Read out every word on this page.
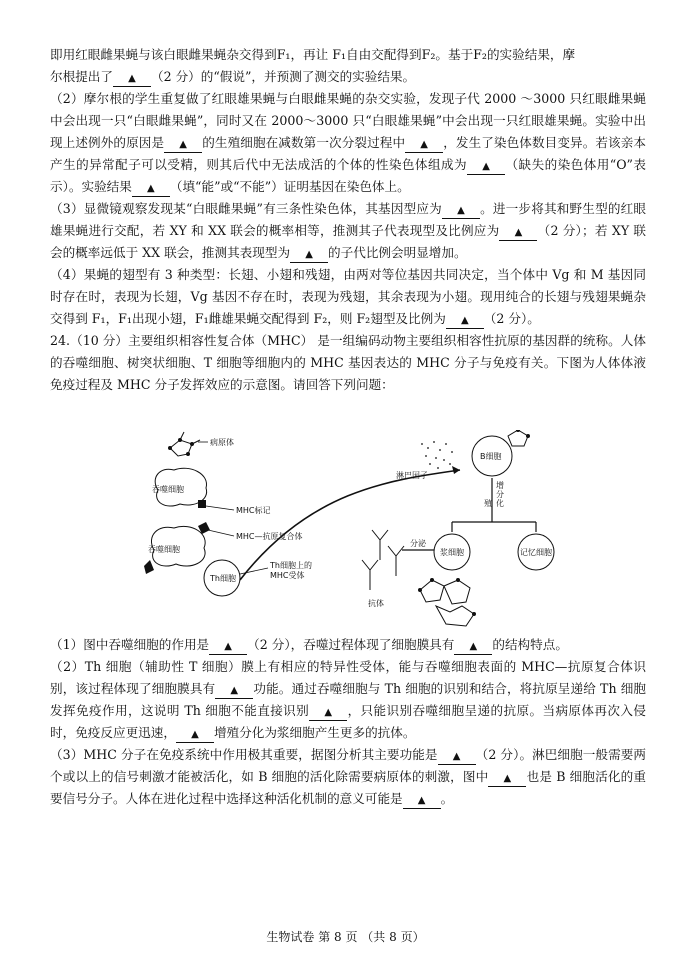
即用红眼雌果蝇与该白眼雌果蝇杂交得到F₁，再让 F₁自由交配得到F₂。基于F₂的实验结果，摩

尔根提出了 ▲ （2 分）的“假说”，并预测了测交的实验结果。

（2）摩尔根的学生重复做了红眼雄果蝇与白眼雌果蝇的杂交实验，发现子代 2000 ～3000 只红眼雌果蝇中会出现一只“白眼雌果蝇”，同时又在 2000～3000 只“白眼雄果蝇”中会出现一只红眼雄果蝇。实验中出现上述例外的原因是 ▲ 的生殖细胞在减数第一次分裂过程中 ▲ ，发生了染色体数目变异。若该亲本产生的异常配子可以受精，则其后代中无法成活的个体的性染色体组成为 ▲ （缺失的染色体用“O”表示）。实验结果 ▲ （填“能”或“不能”）证明基因在染色体上。

（3）显微镜观察发现某“白眼雌果蝇”有三条性染色体，其基因型应为 ▲ 。进一步将其和野生型的红眼雄果蝇进行交配，若 XY 和 XX 联会的概率相等，推测其子代表现型及比例应为 ▲ （2 分）；若 XY 联会的概率远低于 XX 联会，推测其表现型为 ▲ 的子代比例会明显增加。

（4）果蝇的翅型有 3 种类型：长翅、小翅和残翅，由两对等位基因共同决定，当个体中 Vg 和 M 基因同时存在时，表现为长翅，Vg 基因不存在时，表现为残翅，其余表现为小翅。现用纯合的长翅与残翅果蝇杂交得到 F₁，F₁出现小翅，F₁雌雄果蝇交配得到 F₂，则 F₂翅型及比例为 ▲ （2 分）。

24.（10 分）主要组织相容性复合体（MHC） 是一组编码动物主要组织相容性抗原的基因群的统称。人体的吞噬细胞、树突状细胞、T 细胞等细胞内的 MHC 基因表达的 MHC 分子与免疫有关。下图为人体体液免疫过程及 MHC 分子发挥效应的示意图。请回答下列问题：

病原体
吞噬细胞
MHC标记
MHC—抗原复合体
吞噬细胞
Th细胞
Th细胞上的
MHC受体
淋巴因子
B细胞
增
分
殖 化
浆细胞
分泌
记忆细胞
抗体

（1）图中吞噬细胞的作用是 ▲ （2 分），吞噬过程体现了细胞膜具有 ▲ 的结构特点。

（2）Th 细胞（辅助性 T 细胞）膜上有相应的特异性受体，能与吞噬细胞表面的 MHC—抗原复合体识别，该过程体现了细胞膜具有 ▲ 功能。通过吞噬细胞与 Th 细胞的识别和结合，将抗原呈递给 Th 细胞发挥免疫作用，这说明 Th 细胞不能直接识别 ▲ ，只能识别吞噬细胞呈递的抗原。当病原体再次入侵时，免疫反应更迅速， ▲ 增殖分化为浆细胞产生更多的抗体。

（3）MHC 分子在免疫系统中作用极其重要，据图分析其主要功能是 ▲ （2 分）。淋巴细胞一般需要两个或以上的信号刺激才能被活化，如 B 细胞的活化除需要病原体的刺激，图中 ▲ 也是 B 细胞活化的重要信号分子。人体在进化过程中选择这种活化机制的意义可能是 ▲ 。

生物试卷 第 8 页 （共 8 页）
